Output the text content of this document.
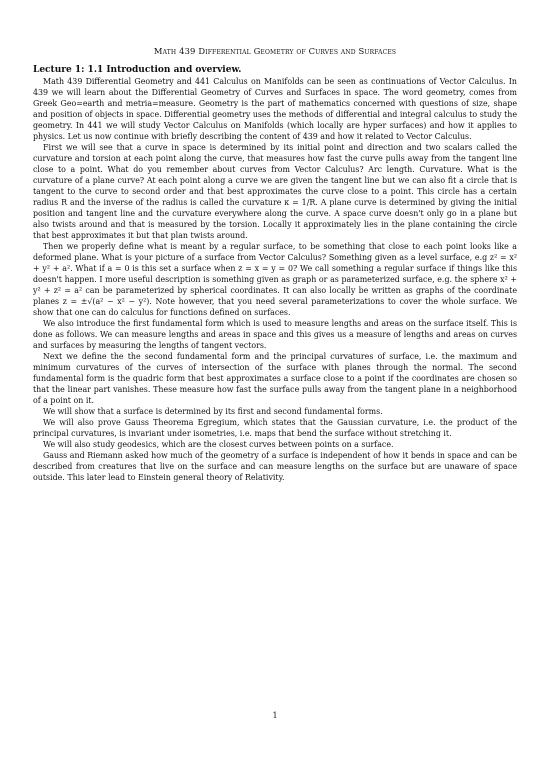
Math 439 Differential Geometry of Curves and Surfaces
Lecture 1: 1.1 Introduction and overview.

Math 439 Differential Geometry and 441 Calculus on Manifolds can be seen as continuations of Vector Calculus. In 439 we will learn about the Differential Geometry of Curves and Surfaces in space. The word geometry, comes from Greek Geo=earth and metria=measure. Geometry is the part of mathematics concerned with questions of size, shape and position of objects in space. Differential geometry uses the methods of differential and integral calculus to study the geometry. In 441 we will study Vector Calculus on Manifolds (which locally are hyper surfaces) and how it applies to physics. Let us now continue with briefly describing the content of 439 and how it related to Vector Calculus.

First we will see that a curve in space is determined by its initial point and direction and two scalars called the curvature and torsion at each point along the curve, that measures how fast the curve pulls away from the tangent line close to a point. What do you remember about curves from Vector Calculus? Arc length. Curvature. What is the curvature of a plane curve? At each point along a curve we are given the tangent line but we can also fit a circle that is tangent to the curve to second order and that best approximates the curve close to a point. This circle has a certain radius R and the inverse of the radius is called the curvature κ = 1/R. A plane curve is determined by giving the initial position and tangent line and the curvature everywhere along the curve. A space curve doesn't only go in a plane but also twists around and that is measured by the torsion. Locally it approximately lies in the plane containing the circle that best approximates it but that plan twists around.

Then we properly define what is meant by a regular surface, to be something that close to each point looks like a deformed plane. What is your picture of a surface from Vector Calculus? Something given as a level surface, e.g z² = x² + y² + a². What if a = 0 is this set a surface when z = x = y = 0? We call something a regular surface if things like this doesn't happen. I more useful description is something given as graph or as parameterized surface, e.g. the sphere x² + y² + z² = a² can be parameterized by spherical coordinates. It can also locally be written as graphs of the coordinate planes z = ±√(a² − x² − y²). Note however, that you need several parameterizations to cover the whole surface. We show that one can do calculus for functions defined on surfaces.

We also introduce the first fundamental form which is used to measure lengths and areas on the surface itself. This is done as follows. We can measure lengths and areas in space and this gives us a measure of lengths and areas on curves and surfaces by measuring the lengths of tangent vectors.

Next we define the the second fundamental form and the principal curvatures of surface, i.e. the maximum and minimum curvatures of the curves of intersection of the surface with planes through the normal. The second fundamental form is the quadric form that best approximates a surface close to a point if the coordinates are chosen so that the linear part vanishes. These measure how fast the surface pulls away from the tangent plane in a neighborhood of a point on it.

We will show that a surface is determined by its first and second fundamental forms.

We will also prove Gauss Theorema Egregium, which states that the Gaussian curvature, i.e. the product of the principal curvatures, is invariant under isometries, i.e. maps that bend the surface without stretching it.

We will also study geodesics, which are the closest curves between points on a surface.

Gauss and Riemann asked how much of the geometry of a surface is independent of how it bends in space and can be described from creatures that live on the surface and can measure lengths on the surface but are unaware of space outside. This later lead to Einstein general theory of Relativity.

1
